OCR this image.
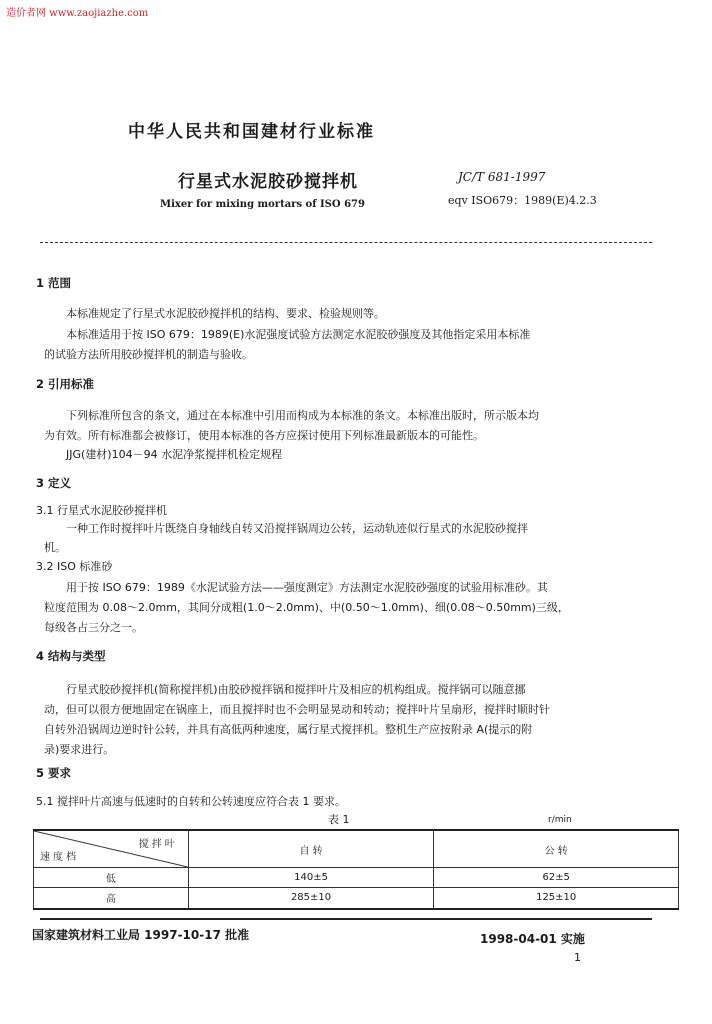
造价者网 www.zaojiazhe.com
中华人民共和国建材行业标准
行星式水泥胶砂搅拌机
Mixer for mixing mortars of ISO 679
JC/T 681-1997
eqv ISO679：1989(E)4.2.3
1 范围
本标准规定了行星式水泥胶砂搅拌机的结构、要求、检验规则等。
本标准适用于按 ISO 679：1989(E)水泥强度试验方法测定水泥胶砂强度及其他指定采用本标准
的试验方法所用胶砂搅拌机的制造与验收。
2 引用标准
下列标准所包含的条文，通过在本标准中引用而构成为本标准的条文。本标准出版时，所示版本均
为有效。所有标准都会被修订，使用本标准的各方应探讨使用下列标准最新版本的可能性。
JJG(建材)104－94 水泥净浆搅拌机检定规程
3 定义
3.1 行星式水泥胶砂搅拌机
一种工作时搅拌叶片既绕自身轴线自转又沿搅拌锅周边公转，运动轨迹似行星式的水泥胶砂搅拌
机。
3.2 ISO 标准砂
用于按 ISO 679：1989《水泥试验方法——强度测定》方法测定水泥胶砂强度的试验用标准砂。其
粒度范围为 0.08～2.0mm，其间分成粗(1.0～2.0mm)、中(0.50～1.0mm)、细(0.08～0.50mm)三级，
每级各占三分之一。
4 结构与类型
行星式胶砂搅拌机(简称搅拌机)由胶砂搅拌锅和搅拌叶片及相应的机构组成。搅拌锅可以随意挪
动，但可以很方便地固定在锅座上，而且搅拌时也不会明显晃动和转动；搅拌叶片呈扇形，搅拌时顺时针
自转外沿锅周边逆时针公转，并具有高低两种速度，属行星式搅拌机。整机生产应按附录 A(提示的附
录)要求进行。
5 要求
5.1 搅拌叶片高速与低速时的自转和公转速度应符合表 1 要求。
表 1	r/min
搅拌叶
速度档	自 转	公 转
低	140±5	62±5
高	285±10	125±10
国家建筑材料工业局 1997-10-17 批准	1998-04-01 实施
1
